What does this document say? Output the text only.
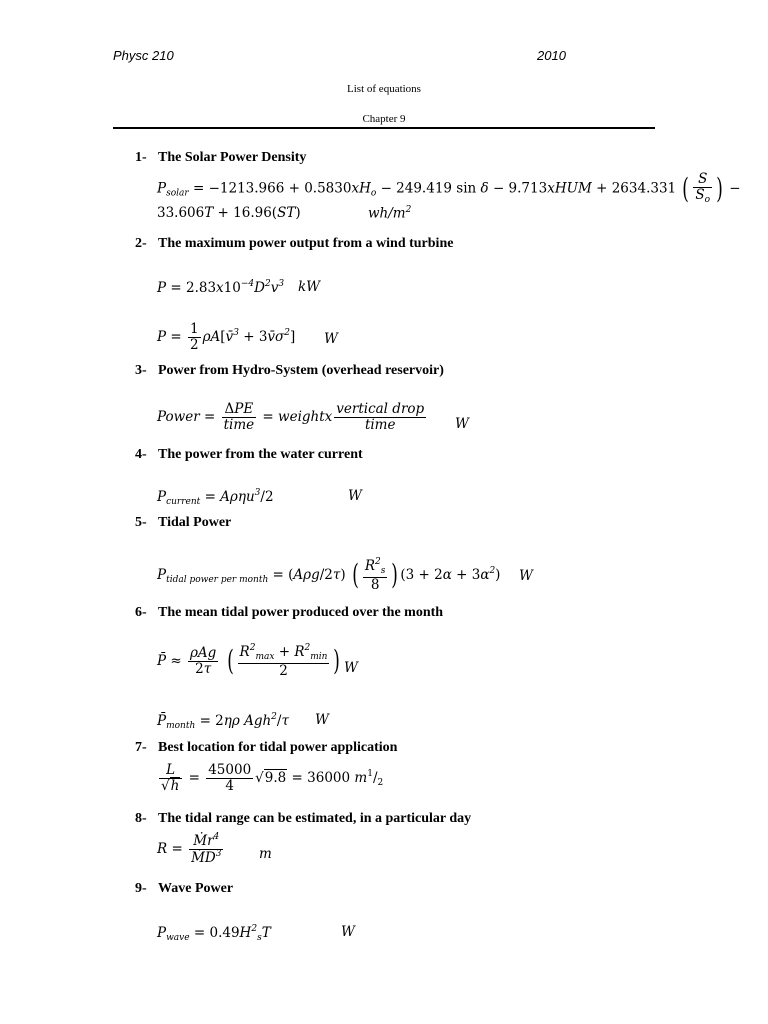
Physc 210	2010
List of equations
Chapter 9
1- The Solar Power Density
$P_{solar} = -1213.966 + 0.5830xH_o - 249.419$ sin δ − 9.713xHUM + 2634.331 ( $\frac{S}{S_o}$ ) −
33.606T + 16.96(ST)	$wh/m^2$
2- The maximum power output from a wind turbine
$P = 2.83x10^{-4}D^2v^3$ kW
$P = \frac{1}{2}$ ρA[v̄$^3$ + $3v̄\sigma^2$] W
3- Power from Hydro-System (overhead reservoir)
Power = $\frac{\text{ΔPE}}{\text{time}}$ = weightx $\frac{\text{vertical drop}}{\text{time}}$ W
4- The power from the water current
$P_{current} = A\rho\eta u^3/2$	W
5- Tidal Power
$P_{tidal power per month} = (A\rho g/2\tau)$ ( $\frac{R^2_s}{8}$ ) $(3 + 2\alpha + 3\alpha^2)$ W
6- The mean tidal power produced over the month
P̄ ≈ $\frac{\text{ρAg}}{2\tau}$ ( $\frac{R^2_{max} + R^2_{min}}{2}$ ) W
$P̄_{month} = 2\eta\rho$ Agh$^2$/τ W
7- Best location for tidal power application
$\frac{L}{√h} = \frac{45000}{4} √9.8 = 36000$ $m^1/_2$
8- The tidal range can be estimated, in a particular day
$R = \frac{Ṁr^4}{ṀD^3}$	m
9- Wave Power
$P_{wave} = 0.49H^2_sT$	W
